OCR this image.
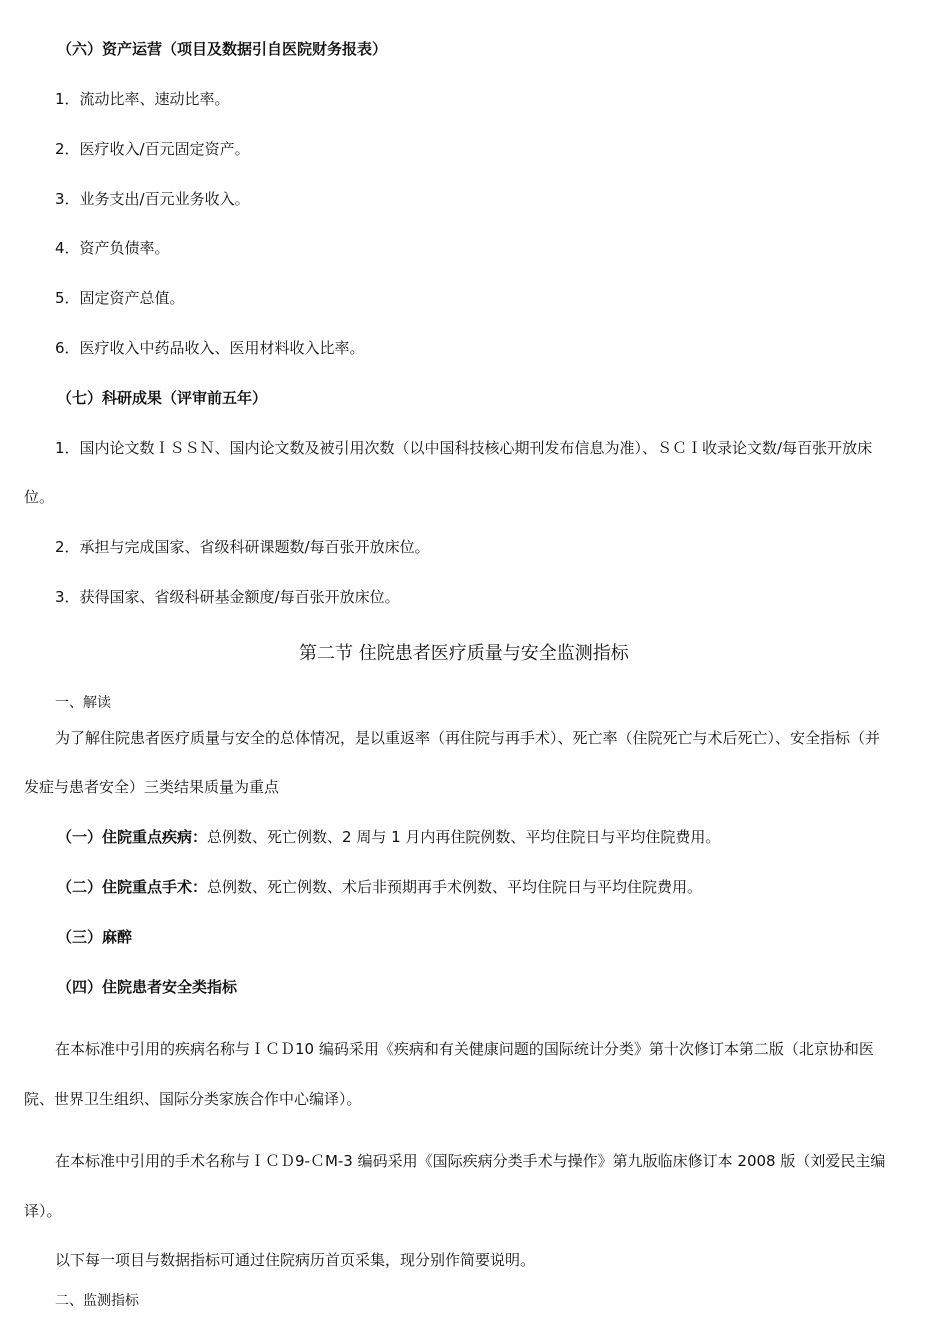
（六）资产运营（项目及数据引自医院财务报表）
1．流动比率、速动比率。
2．医疗收入/百元固定资产。
3．业务支出/百元业务收入。
4．资产负债率。
5．固定资产总值。
6．医疗收入中药品收入、医用材料收入比率。
（七）科研成果（评审前五年）
1．国内论文数ＩＳＳＮ、国内论文数及被引用次数（以中国科技核心期刊发布信息为准）、ＳＣＩ收录论文数/每百张开放床
位。
2．承担与完成国家、省级科研课题数/每百张开放床位。
3．获得国家、省级科研基金额度/每百张开放床位。
第二节 住院患者医疗质量与安全监测指标
一、解读
为了解住院患者医疗质量与安全的总体情况，是以重返率（再住院与再手术）、死亡率（住院死亡与术后死亡）、安全指标（并
发症与患者安全）三类结果质量为重点
（一）住院重点疾病：总例数、死亡例数、2 周与 1 月内再住院例数、平均住院日与平均住院费用。
（二）住院重点手术：总例数、死亡例数、术后非预期再手术例数、平均住院日与平均住院费用。
（三）麻醉
（四）住院患者安全类指标
在本标准中引用的疾病名称与ＩＣＤ10 编码采用《疾病和有关健康问题的国际统计分类》第十次修订本第二版（北京协和医
院、世界卫生组织、国际分类家族合作中心编译）。
在本标准中引用的手术名称与ＩＣＤ9-ＣM-3 编码采用《国际疾病分类手术与操作》第九版临床修订本 2008 版（刘爱民主编
译）。
以下每一项目与数据指标可通过住院病历首页采集，现分别作简要说明。
二、监测指标
